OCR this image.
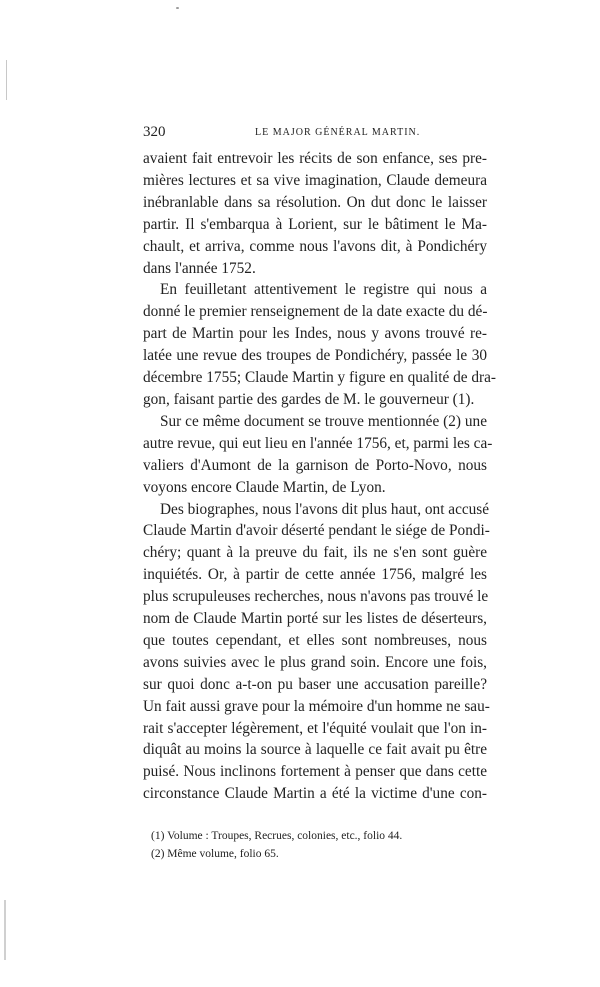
320	LE MAJOR GÉNÉRAL MARTIN.

avaient fait entrevoir les récits de son enfance, ses pre-
mières lectures et sa vive imagination, Claude demeura
inébranlable dans sa résolution. On dut donc le laisser
partir. Il s'embarqua à Lorient, sur le bâtiment le Ma-
chault, et arriva, comme nous l'avons dit, à Pondichéry
dans l'année 1752.

En feuilletant attentivement le registre qui nous a
donné le premier renseignement de la date exacte du dé-
part de Martin pour les Indes, nous y avons trouvé re-
latée une revue des troupes de Pondichéry, passée le 30
décembre 1755; Claude Martin y figure en qualité de dra-
gon, faisant partie des gardes de M. le gouverneur (1).

Sur ce même document se trouve mentionnée (2) une
autre revue, qui eut lieu en l'année 1756, et, parmi les ca-
valiers d'Aumont de la garnison de Porto-Novo, nous
voyons encore Claude Martin, de Lyon.

Des biographes, nous l'avons dit plus haut, ont accusé
Claude Martin d'avoir déserté pendant le siége de Pondi-
chéry; quant à la preuve du fait, ils ne s'en sont guère
inquiétés. Or, à partir de cette année 1756, malgré les
plus scrupuleuses recherches, nous n'avons pas trouvé le
nom de Claude Martin porté sur les listes de déserteurs,
que toutes cependant, et elles sont nombreuses, nous
avons suivies avec le plus grand soin. Encore une fois,
sur quoi donc a-t-on pu baser une accusation pareille?
Un fait aussi grave pour la mémoire d'un homme ne sau-
rait s'accepter légèrement, et l'équité voulait que l'on in-
diquât au moins la source à laquelle ce fait avait pu être
puisé. Nous inclinons fortement à penser que dans cette
circonstance Claude Martin a été la victime d'une con-

(1) Volume : Troupes, Recrues, colonies, etc., folio 44.
(2) Même volume, folio 65.
